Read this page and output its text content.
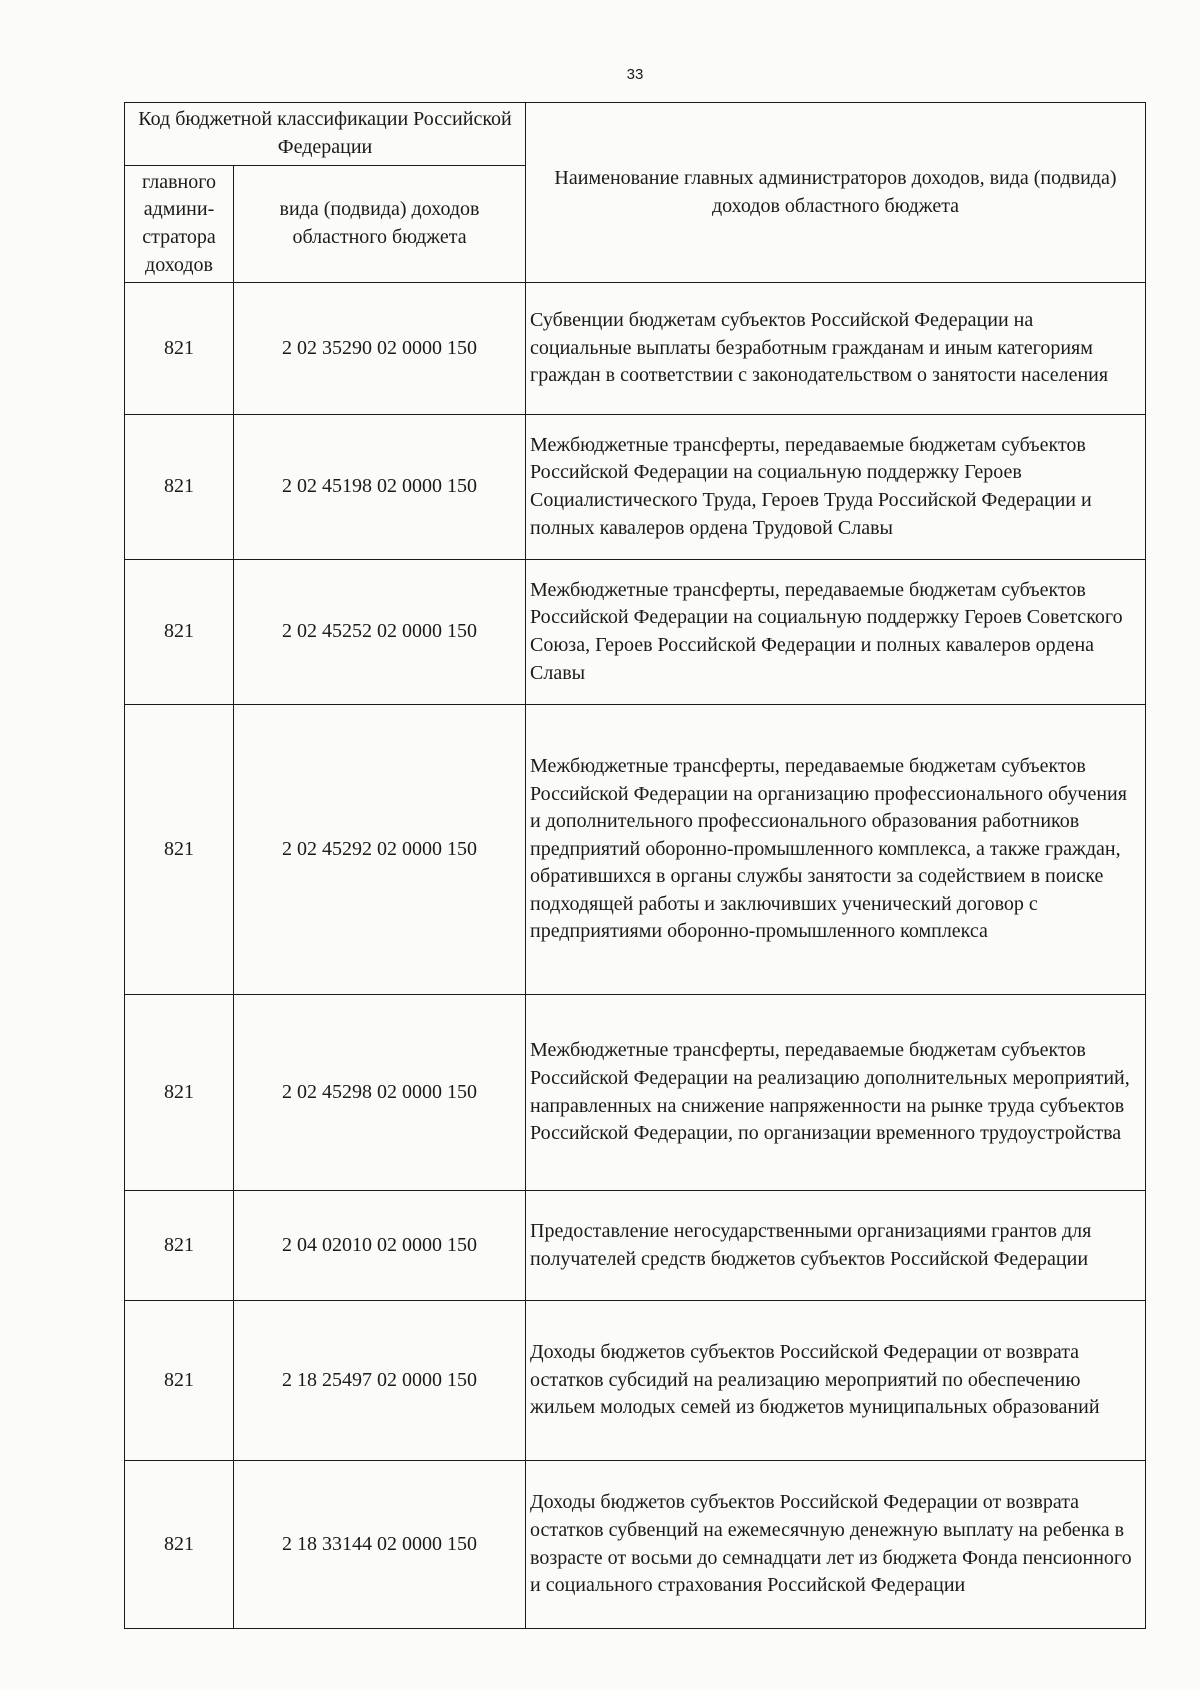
33
Код бюджетной классификации Российской Федерации		Наименование главных администраторов доходов, вида (подвида) доходов областного бюджета
главного админи-стратора доходов	вида (подвида) доходов областного бюджета	
821	2 02 35290 02 0000 150	Субвенции бюджетам субъектов Российской Федерации на социальные выплаты безработным гражданам и иным категориям граждан в соответствии с законодательством о занятости населения
821	2 02 45198 02 0000 150	Межбюджетные трансферты, передаваемые бюджетам субъектов Российской Федерации на социальную поддержку Героев Социалистического Труда, Героев Труда Российской Федерации и полных кавалеров ордена Трудовой Славы
821	2 02 45252 02 0000 150	Межбюджетные трансферты, передаваемые бюджетам субъектов Российской Федерации на социальную поддержку Героев Советского Союза, Героев Российской Федерации и полных кавалеров ордена Славы
821	2 02 45292 02 0000 150	Межбюджетные трансферты, передаваемые бюджетам субъектов Российской Федерации на организацию профессионального обучения и дополнительного профессионального образования работников предприятий оборонно-промышленного комплекса, а также граждан, обратившихся в органы службы занятости за содействием в поиске подходящей работы и заключивших ученический договор с предприятиями оборонно-промышленного комплекса
821	2 02 45298 02 0000 150	Межбюджетные трансферты, передаваемые бюджетам субъектов Российской Федерации на реализацию дополнительных мероприятий, направленных на снижение напряженности на рынке труда субъектов Российской Федерации, по организации временного трудоустройства
821	2 04 02010 02 0000 150	Предоставление негосударственными организациями грантов для получателей средств бюджетов субъектов Российской Федерации
821	2 18 25497 02 0000 150	Доходы бюджетов субъектов Российской Федерации от возврата остатков субсидий на реализацию мероприятий по обеспечению жильем молодых семей из бюджетов муниципальных образований
821	2 18 33144 02 0000 150	Доходы бюджетов субъектов Российской Федерации от возврата остатков субвенций на ежемесячную денежную выплату на ребенка в возрасте от восьми до семнадцати лет из бюджета Фонда пенсионного и социального страхования Российской Федерации
